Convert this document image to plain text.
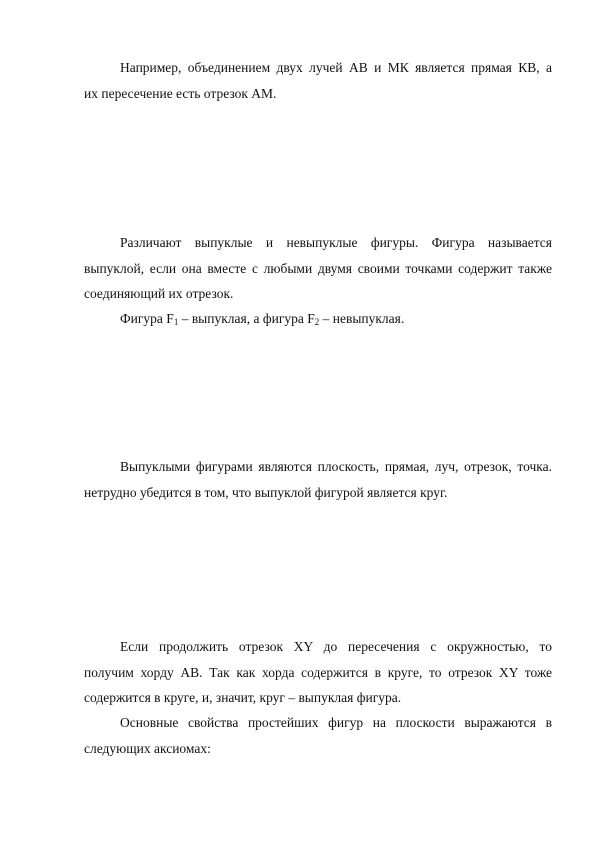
Например, объединением двух лучей АВ и МК является прямая КВ, а
их пересечение есть отрезок АМ.

Различают выпуклые и невыпуклые фигуры. Фигура называется
выпуклой, если она вместе с любыми двумя своими точками содержит также
соединяющий их отрезок.

Фигура $F_1$ – выпуклая, а фигура $F_2$ – невыпуклая.

Выпуклыми фигурами являются плоскость, прямая, луч, отрезок, точка.
нетрудно убедится в том, что выпуклой фигурой является круг.

Если продолжить отрезок XY до пересечения с окружностью, то
получим хорду АВ. Так как хорда содержится в круге, то отрезок XY тоже
содержится в круге, и, значит, круг – выпуклая фигура.

Основные свойства простейших фигур на плоскости выражаются в
следующих аксиомах:
